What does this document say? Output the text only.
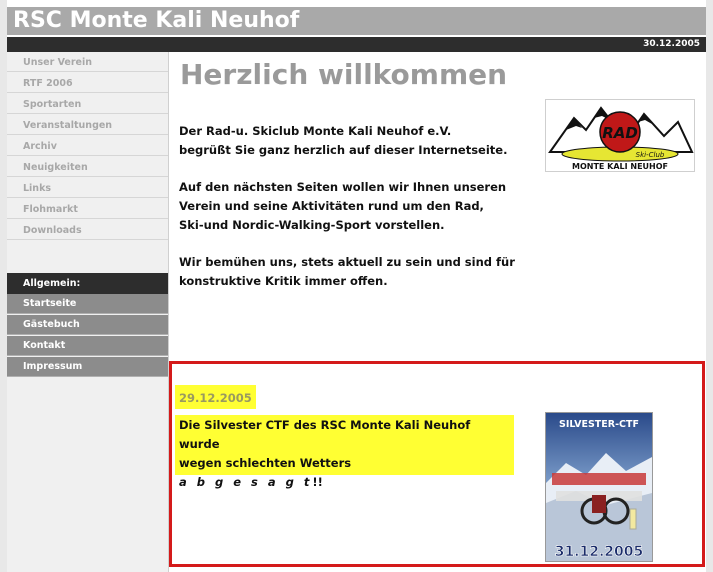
RSC Monte Kali Neuhof
30.12.2005
Unser Verein
RTF 2006
Sportarten
Veranstaltungen
Archiv
Neuigkeiten
Links
Flohmarkt
Downloads
Allgemein:
Startseite
Gästebuch
Kontakt
Impressum
Herzlich willkommen

Der Rad-u. Skiclub Monte Kali Neuhof e.V.
begrüßt Sie ganz herzlich auf dieser Internetseite.

Auf den nächsten Seiten wollen wir Ihnen unseren
Verein und seine Aktivitäten rund um den Rad,
Ski-und Nordic-Walking-Sport vorstellen.

Wir bemühen uns, stets aktuell zu sein und sind für
konstruktive Kritik immer offen.

RAD
Ski-Club
MONTE KALI NEUHOF
29.12.2005
Die Silvester CTF des RSC Monte Kali Neuhof wurde
wegen schlechten Wetters
a b g e s a g t!!
SILVESTER-CTF
31.12.2005
